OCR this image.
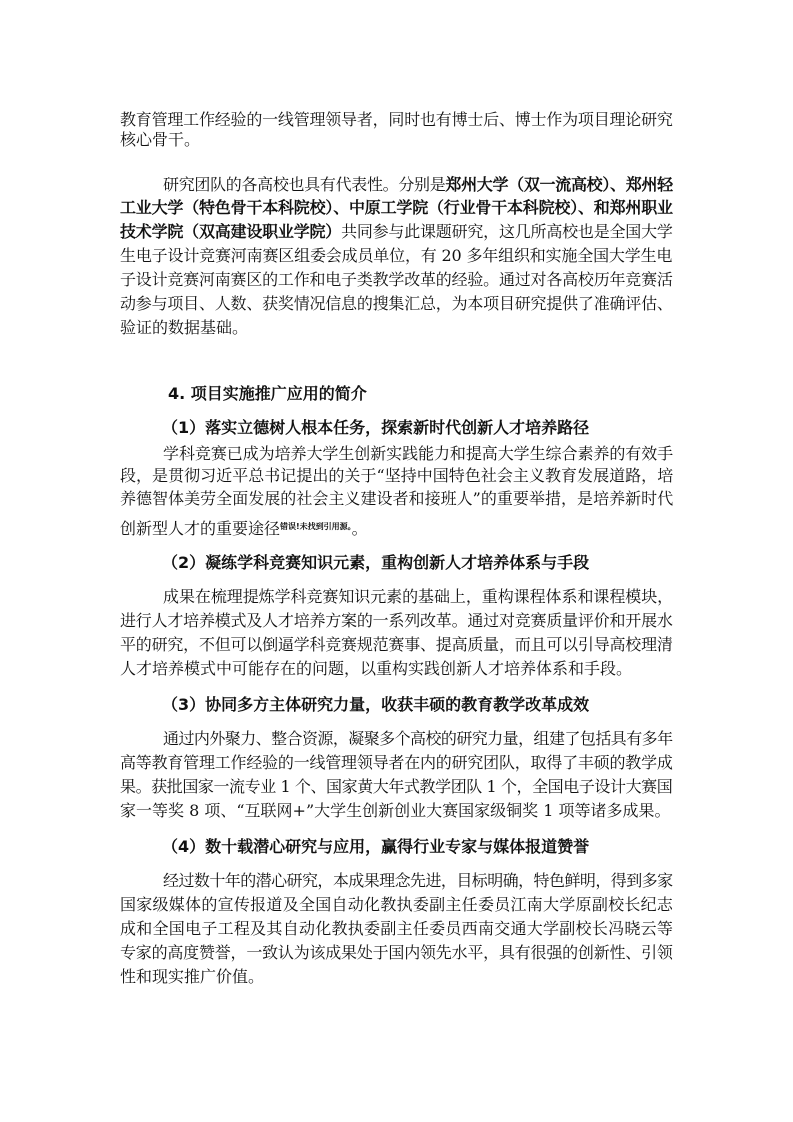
教育管理工作经验的一线管理领导者，同时也有博士后、博士作为项目理论研究
核心骨干。
研究团队的各高校也具有代表性。分别是郑州大学（双一流高校）、郑州轻
工业大学（特色骨干本科院校）、中原工学院（行业骨干本科院校）、和郑州职业
技术学院（双高建设职业学院）共同参与此课题研究，这几所高校也是全国大学
生电子设计竞赛河南赛区组委会成员单位，有 20 多年组织和实施全国大学生电
子设计竞赛河南赛区的工作和电子类教学改革的经验。通过对各高校历年竞赛活
动参与项目、人数、获奖情况信息的搜集汇总，为本项目研究提供了准确评估、
验证的数据基础。
4. 项目实施推广应用的简介
（1）落实立德树人根本任务，探索新时代创新人才培养路径
学科竞赛已成为培养大学生创新实践能力和提高大学生综合素养的有效手
段，是贯彻习近平总书记提出的关于“坚持中国特色社会主义教育发展道路，培
养德智体美劳全面发展的社会主义建设者和接班人”的重要举措，是培养新时代
创新型人才的重要途径$^{错误!未找到引用源。}$。
（2）凝练学科竞赛知识元素，重构创新人才培养体系与手段
成果在梳理提炼学科竞赛知识元素的基础上，重构课程体系和课程模块，
进行人才培养模式及人才培养方案的一系列改革。通过对竞赛质量评价和开展水
平的研究，不但可以倒逼学科竞赛规范赛事、提高质量，而且可以引导高校理清
人才培养模式中可能存在的问题，以重构实践创新人才培养体系和手段。
（3）协同多方主体研究力量，收获丰硕的教育教学改革成效
通过内外聚力、整合资源，凝聚多个高校的研究力量，组建了包括具有多年
高等教育管理工作经验的一线管理领导者在内的研究团队，取得了丰硕的教学成
果。获批国家一流专业 1 个、国家黄大年式教学团队 1 个，全国电子设计大赛国
家一等奖 8 项、“互联网+”大学生创新创业大赛国家级铜奖 1 项等诸多成果。
（4）数十载潜心研究与应用，赢得行业专家与媒体报道赞誉
经过数十年的潜心研究，本成果理念先进，目标明确，特色鲜明，得到多家
国家级媒体的宣传报道及全国自动化教执委副主任委员江南大学原副校长纪志
成和全国电子工程及其自动化教执委副主任委员西南交通大学副校长冯晓云等
专家的高度赞誉，一致认为该成果处于国内领先水平，具有很强的创新性、引领
性和现实推广价值。
